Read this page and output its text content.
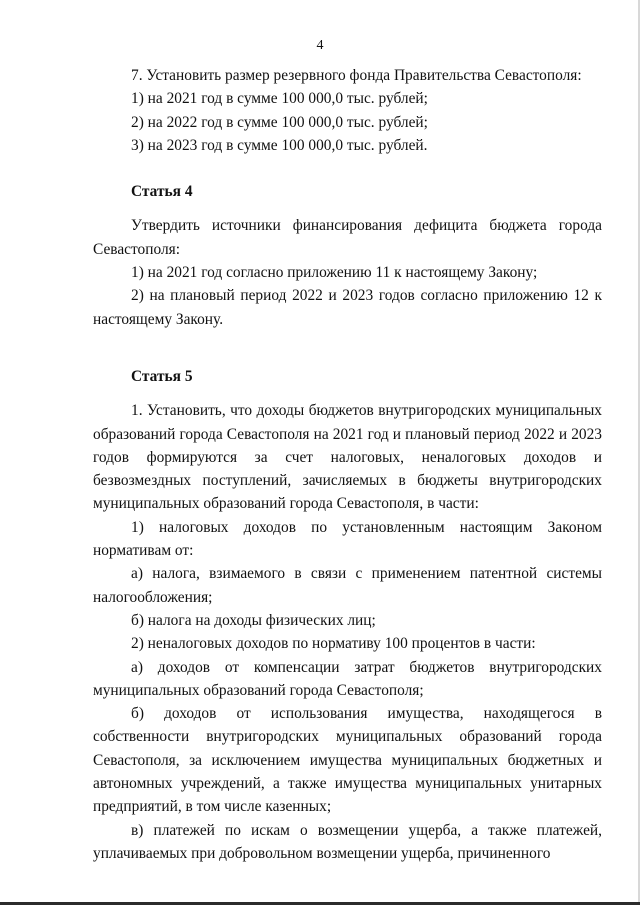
4

7. Установить размер резервного фонда Правительства Севастополя:

1) на 2021 год в сумме 100 000,0 тыс. рублей;

2) на 2022 год в сумме 100 000,0 тыс. рублей;

3) на 2023 год в сумме 100 000,0 тыс. рублей.

Статья 4

Утвердить источники финансирования дефицита бюджета города Севастополя:

1) на 2021 год согласно приложению 11 к настоящему Закону;

2) на плановый период 2022 и 2023 годов согласно приложению 12 к настоящему Закону.

Статья 5

1. Установить, что доходы бюджетов внутригородских муниципальных образований города Севастополя на 2021 год и плановый период 2022 и 2023 годов формируются за счет налоговых, неналоговых доходов и безвозмездных поступлений, зачисляемых в бюджеты внутригородских муниципальных образований города Севастополя, в части:

1) налоговых доходов по установленным настоящим Законом нормативам от:

а) налога, взимаемого в связи с применением патентной системы налогообложения;

б) налога на доходы физических лиц;

2) неналоговых доходов по нормативу 100 процентов в части:

а) доходов от компенсации затрат бюджетов внутригородских муниципальных образований города Севастополя;

б) доходов от использования имущества, находящегося в собственности внутригородских муниципальных образований города Севастополя, за исключением имущества муниципальных бюджетных и автономных учреждений, а также имущества муниципальных унитарных предприятий, в том числе казенных;

в) платежей по искам о возмещении ущерба, а также платежей, уплачиваемых при добровольном возмещении ущерба, причиненного
